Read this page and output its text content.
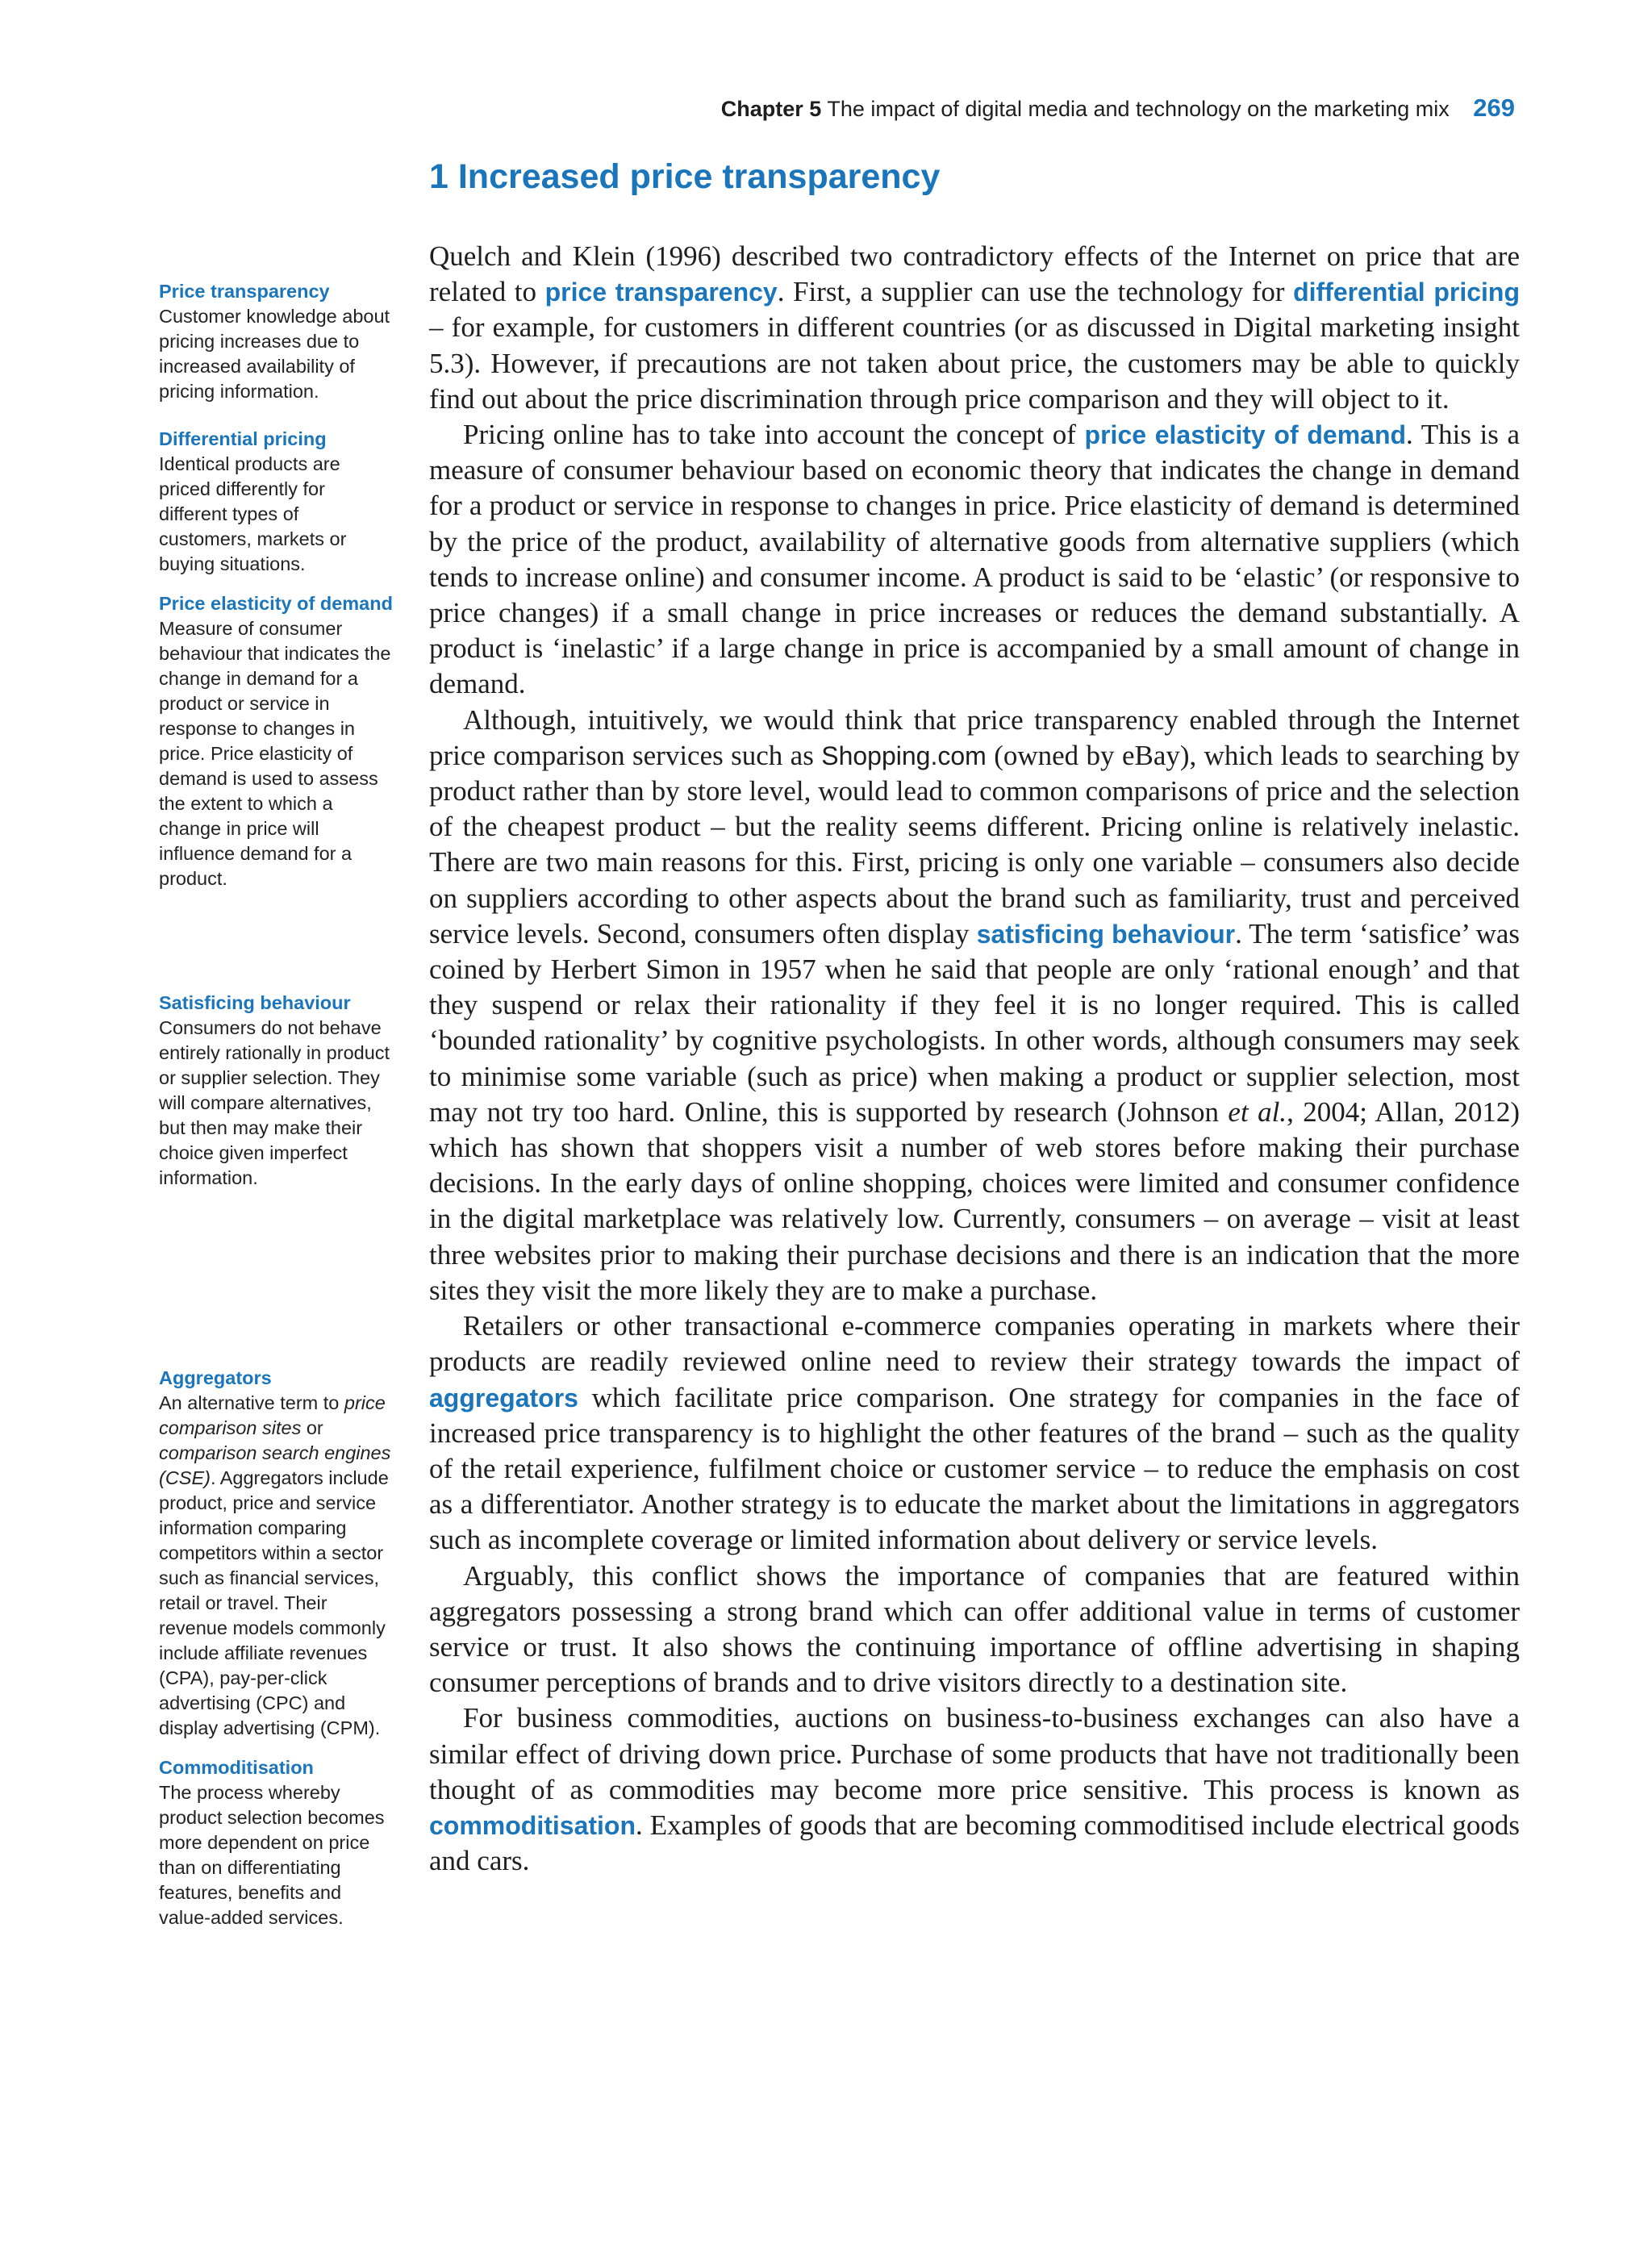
Chapter 5 The impact of digital media and technology on the marketing mix 269
1 Increased price transparency
Price transparency
Customer knowledge about pricing increases due to increased availability of pricing information.
Differential pricing
Identical products are priced differently for different types of customers, markets or buying situations.
Price elasticity of demand
Measure of consumer behaviour that indicates the change in demand for a product or service in response to changes in price. Price elasticity of demand is used to assess the extent to which a change in price will influence demand for a product.
Satisficing behaviour
Consumers do not behave entirely rationally in product or supplier selection. They will compare alternatives, but then may make their choice given imperfect information.
Aggregators
An alternative term to price comparison sites or comparison search engines (CSE). Aggregators include product, price and service information comparing competitors within a sector such as financial services, retail or travel. Their revenue models commonly include affiliate revenues (CPA), pay-per-click advertising (CPC) and display advertising (CPM).
Commoditisation
The process whereby product selection becomes more dependent on price than on differentiating features, benefits and value-added services.

Quelch and Klein (1996) described two contradictory effects of the Internet on price that are related to price transparency. First, a supplier can use the technology for differential pricing – for example, for customers in different countries (or as discussed in Digital marketing insight 5.3). However, if precautions are not taken about price, the customers may be able to quickly find out about the price discrimination through price comparison and they will object to it.

Pricing online has to take into account the concept of price elasticity of demand. This is a measure of consumer behaviour based on economic theory that indicates the change in demand for a product or service in response to changes in price. Price elasticity of demand is determined by the price of the product, availability of alternative goods from alternative suppliers (which tends to increase online) and consumer income. A product is said to be ‘elastic’ (or responsive to price changes) if a small change in price increases or reduces the demand substantially. A product is ‘inelastic’ if a large change in price is accompanied by a small amount of change in demand.

Although, intuitively, we would think that price transparency enabled through the Internet price comparison services such as Shopping.com (owned by eBay), which leads to searching by product rather than by store level, would lead to common comparisons of price and the selection of the cheapest product – but the reality seems different. Pricing online is relatively inelastic. There are two main reasons for this. First, pricing is only one variable – consumers also decide on suppliers according to other aspects about the brand such as familiarity, trust and perceived service levels. Second, consumers often display satisficing behaviour. The term ‘satisfice’ was coined by Herbert Simon in 1957 when he said that people are only ‘rational enough’ and that they suspend or relax their rationality if they feel it is no longer required. This is called ‘bounded rationality’ by cognitive psychologists. In other words, although consumers may seek to minimise some variable (such as price) when making a product or supplier selection, most may not try too hard. Online, this is supported by research (Johnson et al., 2004; Allan, 2012) which has shown that shoppers visit a number of web stores before making their purchase decisions. In the early days of online shopping, choices were limited and consumer confidence in the digital marketplace was relatively low. Currently, consumers – on average – visit at least three websites prior to making their purchase decisions and there is an indication that the more sites they visit the more likely they are to make a purchase.

Retailers or other transactional e-commerce companies operating in markets where their products are readily reviewed online need to review their strategy towards the impact of aggregators which facilitate price comparison. One strategy for companies in the face of increased price transparency is to highlight the other features of the brand – such as the quality of the retail experience, fulfilment choice or customer service – to reduce the emphasis on cost as a differentiator. Another strategy is to educate the market about the limitations in aggregators such as incomplete coverage or limited information about delivery or service levels.

Arguably, this conflict shows the importance of companies that are featured within aggregators possessing a strong brand which can offer additional value in terms of customer service or trust. It also shows the continuing importance of offline advertising in shaping consumer perceptions of brands and to drive visitors directly to a destination site.

For business commodities, auctions on business-to-business exchanges can also have a similar effect of driving down price. Purchase of some products that have not traditionally been thought of as commodities may become more price sensitive. This process is known as commoditisation. Examples of goods that are becoming commoditised include electrical goods and cars.
